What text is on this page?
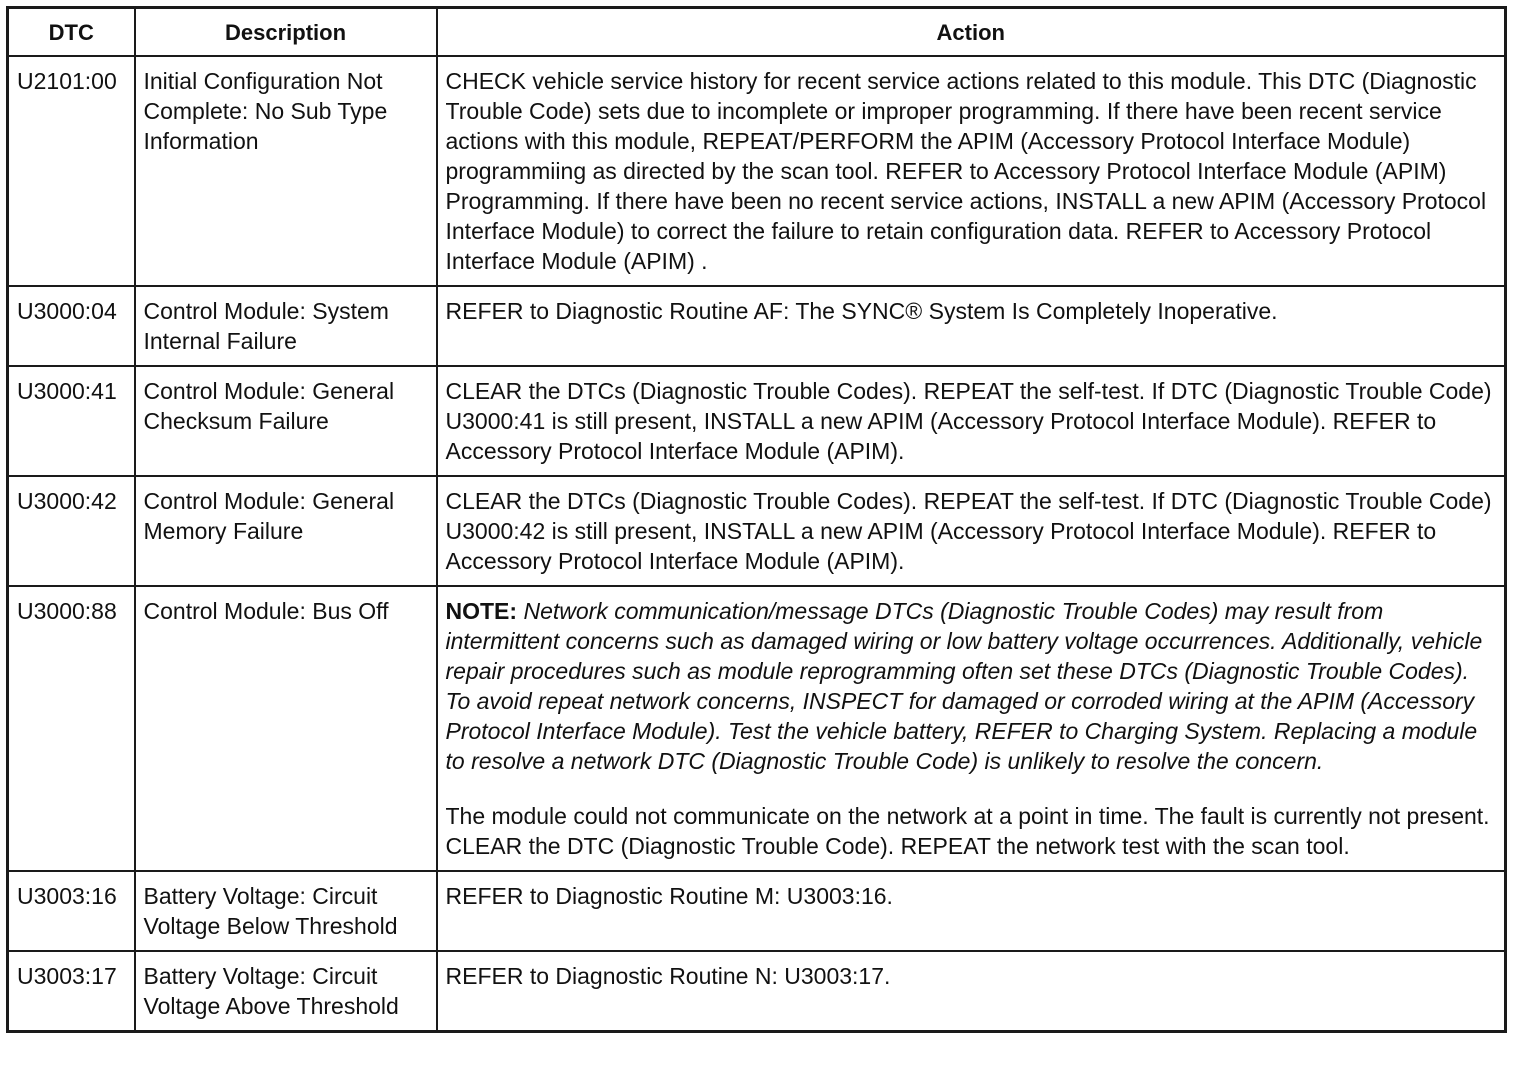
DTC	Description	Action
U2101:00	Initial Configuration Not Complete: No Sub Type Information	CHECK vehicle service history for recent service actions related to this module. This DTC (Diagnostic Trouble Code) sets due to incomplete or improper programming. If there have been recent service actions with this module, REPEAT/PERFORM the APIM (Accessory Protocol Interface Module) programmiing as directed by the scan tool. REFER to Accessory Protocol Interface Module (APIM) Programming. If there have been no recent service actions, INSTALL a new APIM (Accessory Protocol Interface Module) to correct the failure to retain configuration data. REFER to Accessory Protocol Interface Module (APIM) .
U3000:04	Control Module: System Internal Failure	REFER to Diagnostic Routine AF: The SYNC® System Is Completely Inoperative.
U3000:41	Control Module: General Checksum Failure	CLEAR the DTCs (Diagnostic Trouble Codes). REPEAT the self-test. If DTC (Diagnostic Trouble Code) U3000:41 is still present, INSTALL a new APIM (Accessory Protocol Interface Module). REFER to Accessory Protocol Interface Module (APIM).
U3000:42	Control Module: General Memory Failure	CLEAR the DTCs (Diagnostic Trouble Codes). REPEAT the self-test. If DTC (Diagnostic Trouble Code) U3000:42 is still present, INSTALL a new APIM (Accessory Protocol Interface Module). REFER to Accessory Protocol Interface Module (APIM).
U3000:88	Control Module: Bus Off	NOTE: Network communication/message DTCs (Diagnostic Trouble Codes) may result from intermittent concerns such as damaged wiring or low battery voltage occurrences. Additionally, vehicle repair procedures such as module reprogramming often set these DTCs (Diagnostic Trouble Codes). To avoid repeat network concerns, INSPECT for damaged or corroded wiring at the APIM (Accessory Protocol Interface Module). Test the vehicle battery, REFER to Charging System. Replacing a module to resolve a network DTC (Diagnostic Trouble Code) is unlikely to resolve the concern.

The module could not communicate on the network at a point in time. The fault is currently not present. CLEAR the DTC (Diagnostic Trouble Code). REPEAT the network test with the scan tool.

U3003:16	Battery Voltage: Circuit Voltage Below Threshold	REFER to Diagnostic Routine M: U3003:16.
U3003:17	Battery Voltage: Circuit Voltage Above Threshold	REFER to Diagnostic Routine N: U3003:17.
